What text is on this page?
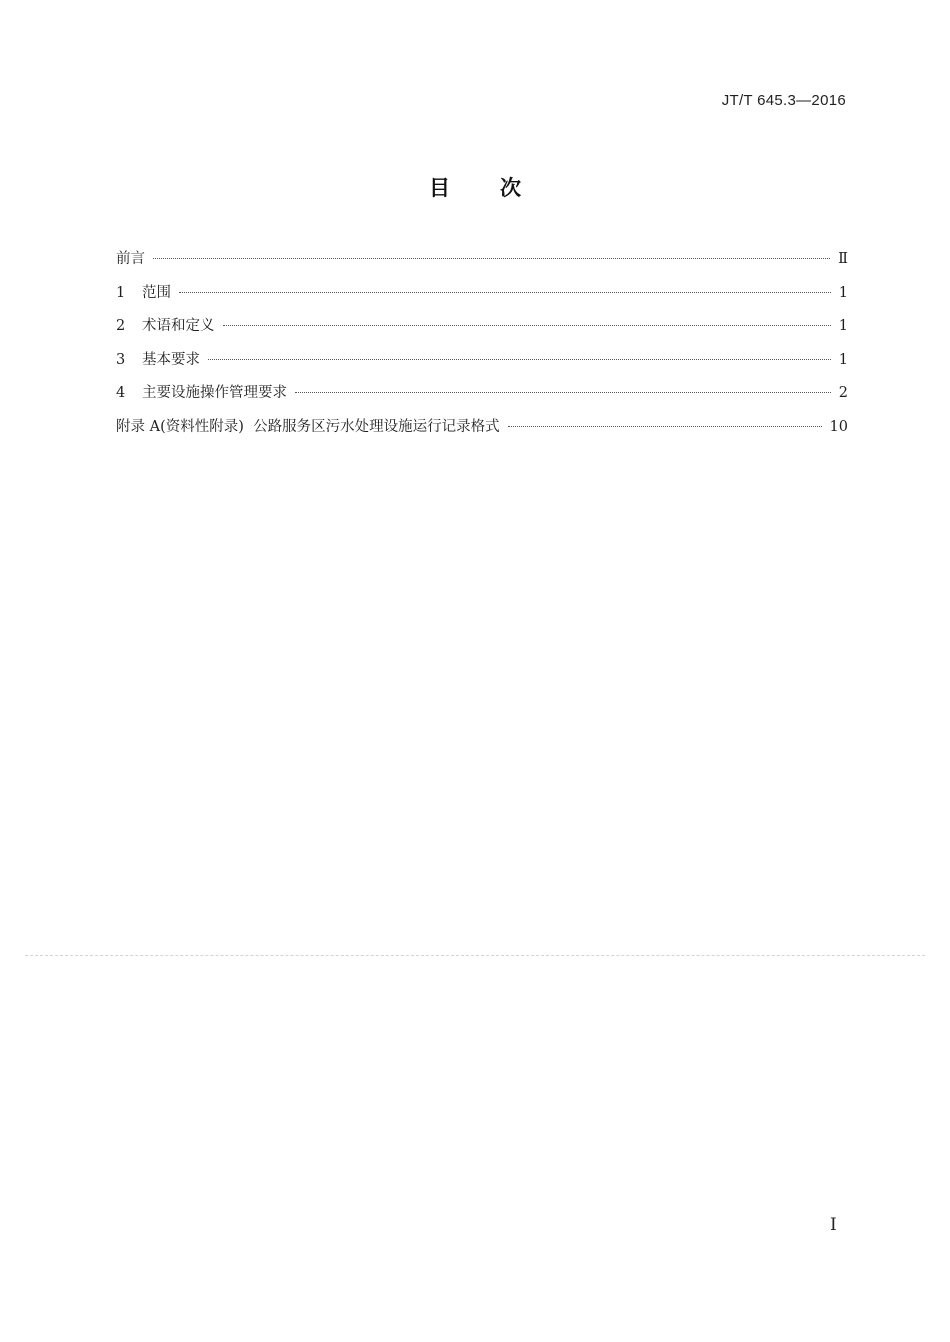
JT/T 645.3—2016
目 次
前言	Ⅱ
1	范围	1
2	术语和定义	1
3	基本要求	1
4	主要设施操作管理要求	2
附录 A(资料性附录)  公路服务区污水处理设施运行记录格式	10
I
